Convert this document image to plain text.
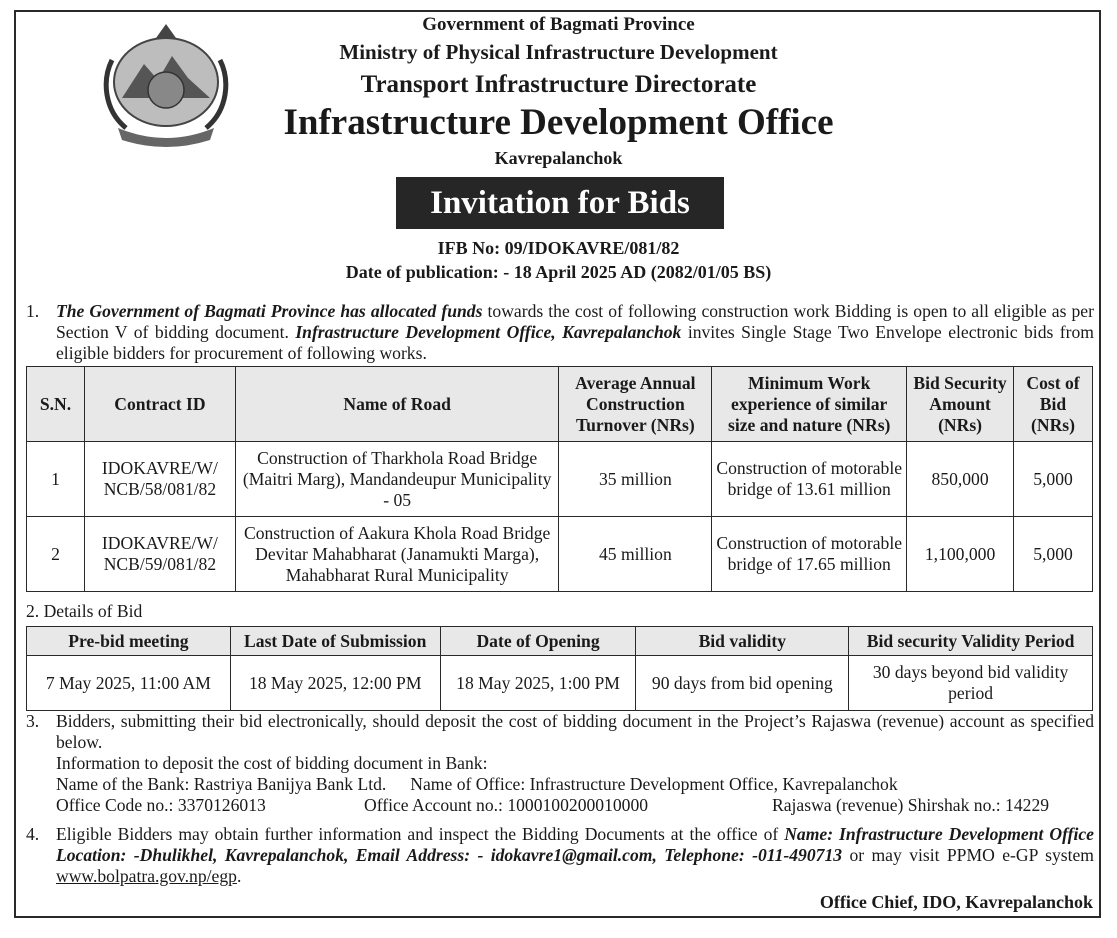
Government of Bagmati Province
Ministry of Physical Infrastructure Development
Transport Infrastructure Directorate
Infrastructure Development Office
Kavrepalanchok
Invitation for Bids
IFB No: 09/IDOKAVRE/081/82
Date of publication: - 18 April 2025 AD (2082/01/05 BS)
1. The Government of Bagmati Province has allocated funds towards the cost of following construction work Bidding is open to all eligible as per Section V of bidding document. Infrastructure Development Office, Kavrepalanchok invites Single Stage Two Envelope electronic bids from eligible bidders for procurement of following works.
S.N.	Contract ID	Name of Road	Average Annual Construction Turnover (NRs)	Minimum Work experience of similar size and nature (NRs)	Bid Security Amount (NRs)	Cost of Bid (NRs)
1	IDOKAVRE/W/ NCB/58/081/82	Construction of Tharkhola Road Bridge (Maitri Marg), Mandandeupur Municipality - 05	35 million	Construction of motorable bridge of 13.61 million	850,000	5,000
2	IDOKAVRE/W/ NCB/59/081/82	Construction of Aakura Khola Road Bridge Devitar Mahabharat (Janamukti Marga), Mahabharat Rural Municipality	45 million	Construction of motorable bridge of 17.65 million	1,100,000	5,000
2. Details of Bid
Pre-bid meeting	Last Date of Submission	Date of Opening	Bid validity	Bid security Validity Period
7 May 2025, 11:00 AM	18 May 2025, 12:00 PM	18 May 2025, 1:00 PM	90 days from bid opening	30 days beyond bid validity period
3. Bidders, submitting their bid electronically, should deposit the cost of bidding document in the Project’s Rajaswa (revenue) account as specified below.
Information to deposit the cost of bidding document in Bank:
Name of the Bank: Rastriya Banijya Bank Ltd. Name of Office: Infrastructure Development Office, Kavrepalanchok
Office Code no.: 3370126013	Office Account no.: 1000100200010000	Rajaswa (revenue) Shirshak no.: 14229
4. Eligible Bidders may obtain further information and inspect the Bidding Documents at the office of Name: Infrastructure Development Office Location: -Dhulikhel, Kavrepalanchok, Email Address: - idokavre1@gmail.com, Telephone: -011-490713 or may visit PPMO e-GP system www.bolpatra.gov.np/egp.
Office Chief, IDO, Kavrepalanchok
